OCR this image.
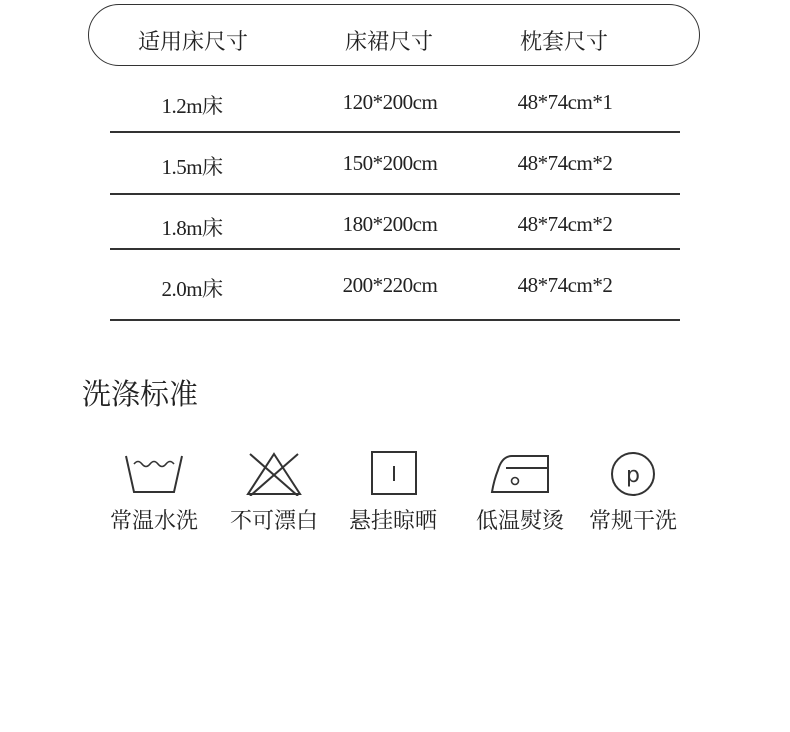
适用床尺寸	床裙尺寸	枕套尺寸
1.2m床	120*200cm	48*74cm*1
1.5m床	150*200cm	48*74cm*2
1.8m床	180*200cm	48*74cm*2
2.0m床	200*220cm	48*74cm*2
洗涤标准
常温水洗	不可漂白	悬挂晾晒	低温熨烫
p
常规干洗
